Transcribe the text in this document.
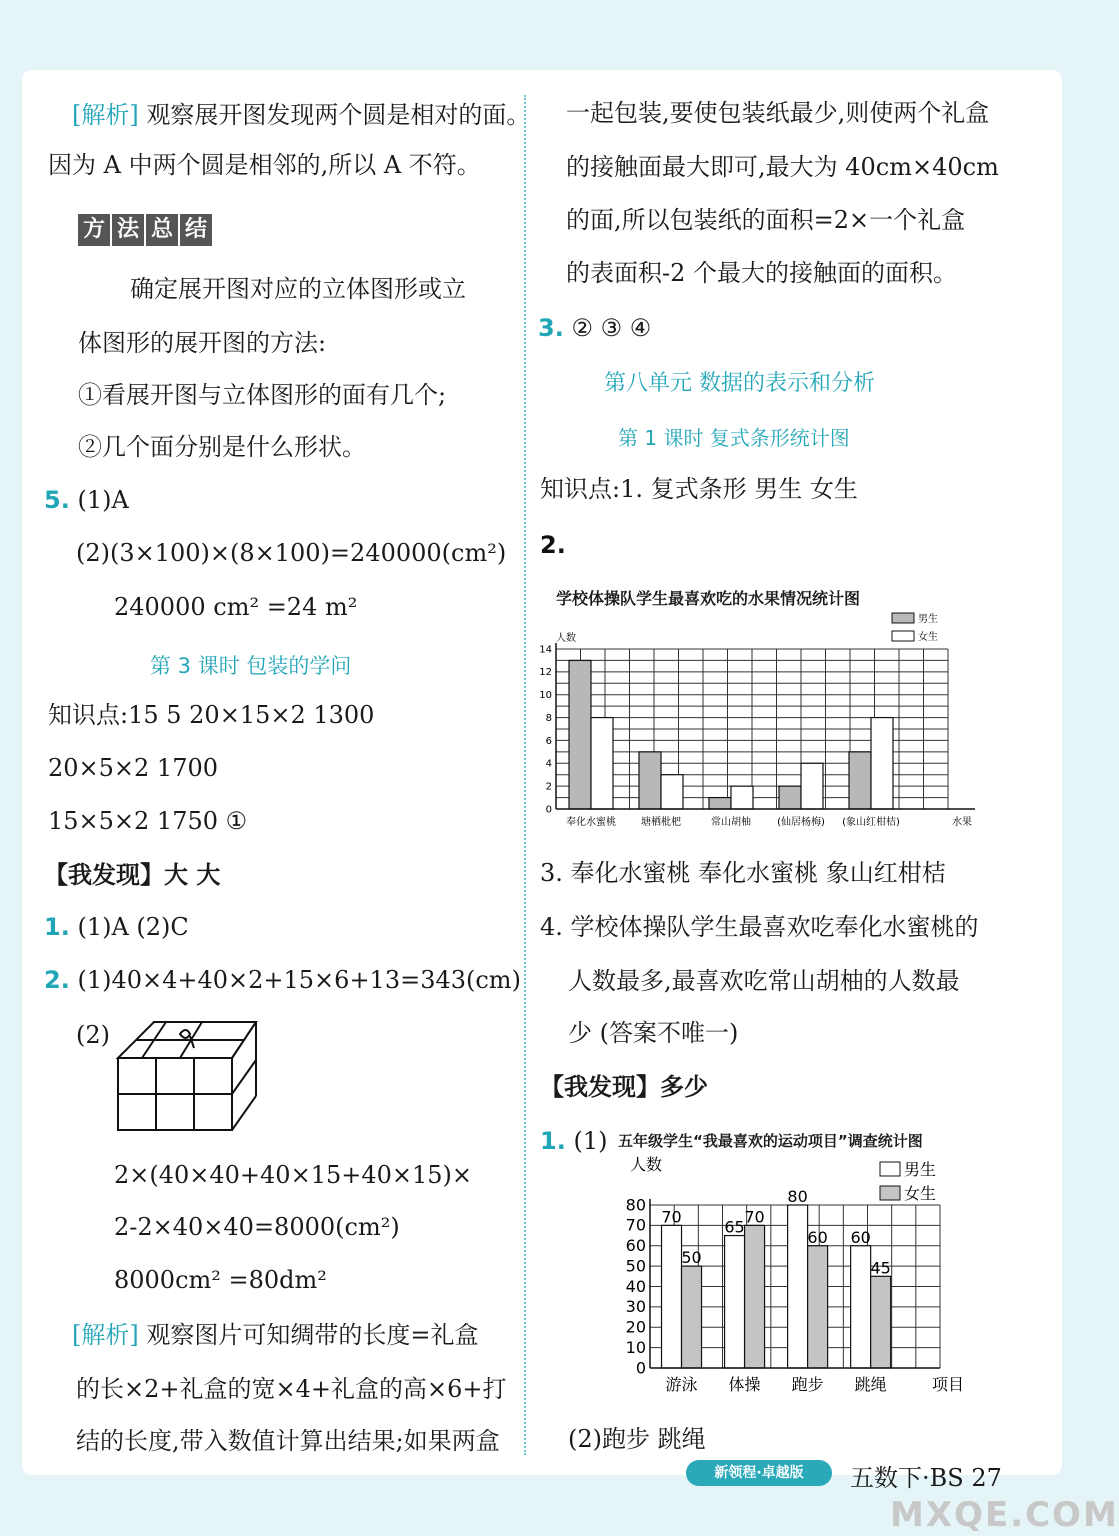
[解析] 观察展开图发现两个圆是相对的面。
因为 A 中两个圆是相邻的,所以 A 不符。
方 法 总 结
确定展开图对应的立体图形或立
体图形的展开图的方法:
①看展开图与立体图形的面有几个;
②几个面分别是什么形状。
5. (1)A
(2)(3×100)×(8×100)=240000(cm²)
240000 cm² =24 m²
第 3 课时 包装的学问
知识点:15 5 20×15×2 1300
20×5×2 1700
15×5×2 1750 ①
【我发现】大 大
1. (1)A (2)C
2. (1)40×4+40×2+15×6+13=343(cm)
(2)
2×(40×40+40×15+40×15)×
2-2×40×40=8000(cm²)
8000cm² =80dm²
[解析] 观察图片可知绸带的长度=礼盒
的长×2+礼盒的宽×4+礼盒的高×6+打
结的长度,带入数值计算出结果;如果两盒
一起包装,要使包装纸最少,则使两个礼盒
的接触面最大即可,最大为 40cm×40cm
的面,所以包装纸的面积=2×一个礼盒
的表面积-2 个最大的接触面的面积。
3. ② ③ ④
第八单元 数据的表示和分析
第 1 课时 复式条形统计图
知识点:1. 复式条形 男生 女生
2.
学校体操队学生最喜欢吃的水果情况统计图
0
2
4
6
8
10
12
14
人数
水果
奉化水蜜桃	塘栖枇杷	常山胡柚	(仙居杨梅) (象山红柑桔)
男生
女生
3. 奉化水蜜桃 奉化水蜜桃 象山红柑桔
4. 学校体操队学生最喜欢吃奉化水蜜桃的
人数最多,最喜欢吃常山胡柚的人数最
少 (答案不唯一)
【我发现】多少
1. (1) 五年级学生“我最喜欢的运动项目”调查统计图
0
10
20
30
40
50
60
70
80
人数
项目
70
50
游泳
65
70
体操
80
60
跑步
60
45
跳绳
男生
女生
(2)跑步 跳绳
新领程·卓越版	五数下·BS 27
MXQE.COM
